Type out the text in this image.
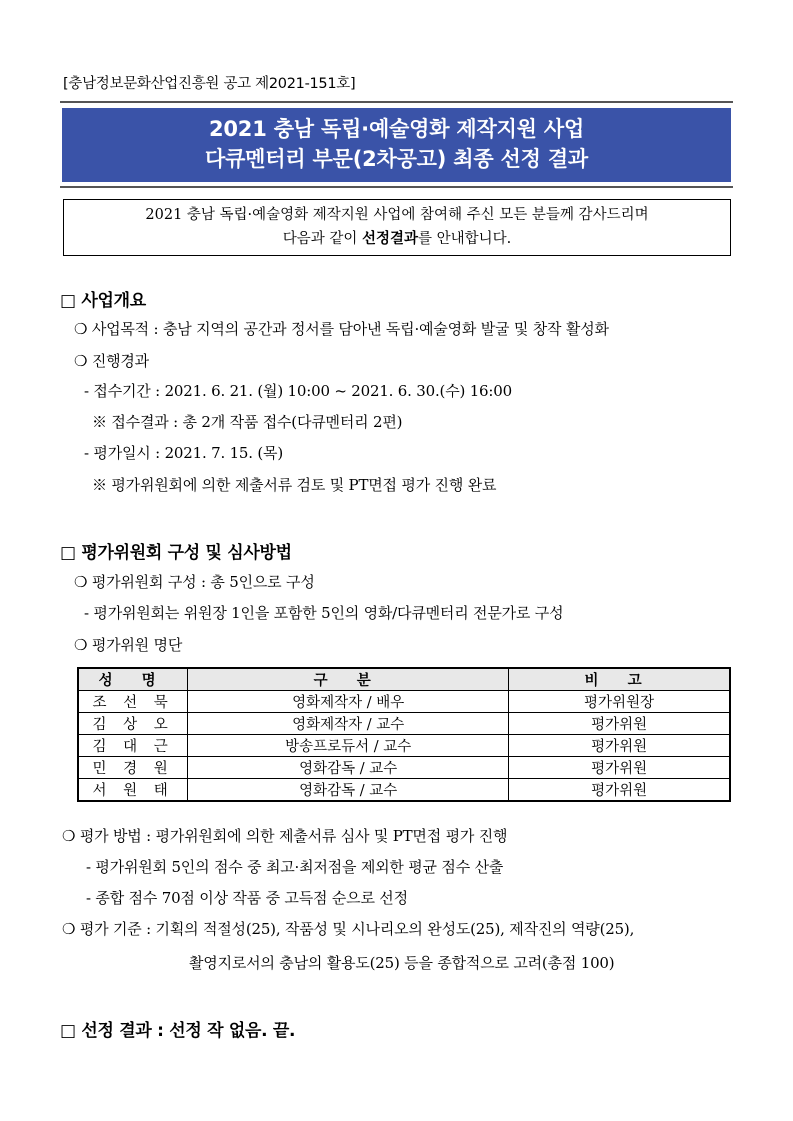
[충남정보문화산업진흥원 공고 제2021-151호]
2021 충남 독립·예술영화 제작지원 사업
다큐멘터리 부문(2차공고) 최종 선정 결과
2021 충남 독립·예술영화 제작지원 사업에 참여해 주신 모든 분들께 감사드리며
다음과 같이 선정결과를 안내합니다.
□ 사업개요
❍ 사업목적 : 충남 지역의 공간과 정서를 담아낸 독립·예술영화 발굴 및 창작 활성화
❍ 진행경과
- 접수기간 : 2021. 6. 21. (월) 10:00 ~ 2021. 6. 30.(수) 16:00
※ 접수결과 : 총 2개 작품 접수(다큐멘터리 2편)
- 평가일시 : 2021. 7. 15. (목)
※ 평가위원회에 의한 제출서류 검토 및 PT면접 평가 진행 완료
□ 평가위원회 구성 및 심사방법
❍ 평가위원회 구성 : 총 5인으로 구성
- 평가위원회는 위원장 1인을 포함한 5인의 영화/다큐멘터리 전문가로 구성
❍ 평가위원 명단
성 명	구 분	비 고
조 선 묵	영화제작자 / 배우	평가위원장
김 상 오	영화제작자 / 교수	평가위원
김 대 근	방송프로듀서 / 교수	평가위원
민 경 원	영화감독 / 교수	평가위원
서 원 태	영화감독 / 교수	평가위원
❍ 평가 방법 : 평가위원회에 의한 제출서류 심사 및 PT면접 평가 진행
- 평가위원회 5인의 점수 중 최고·최저점을 제외한 평균 점수 산출
- 종합 점수 70점 이상 작품 중 고득점 순으로 선정
❍ 평가 기준 : 기획의 적절성(25), 작품성 및 시나리오의 완성도(25), 제작진의 역량(25),
촬영지로서의 충남의 활용도(25) 등을 종합적으로 고려(총점 100)
□ 선정 결과 : 선정 작 없음. 끝.
